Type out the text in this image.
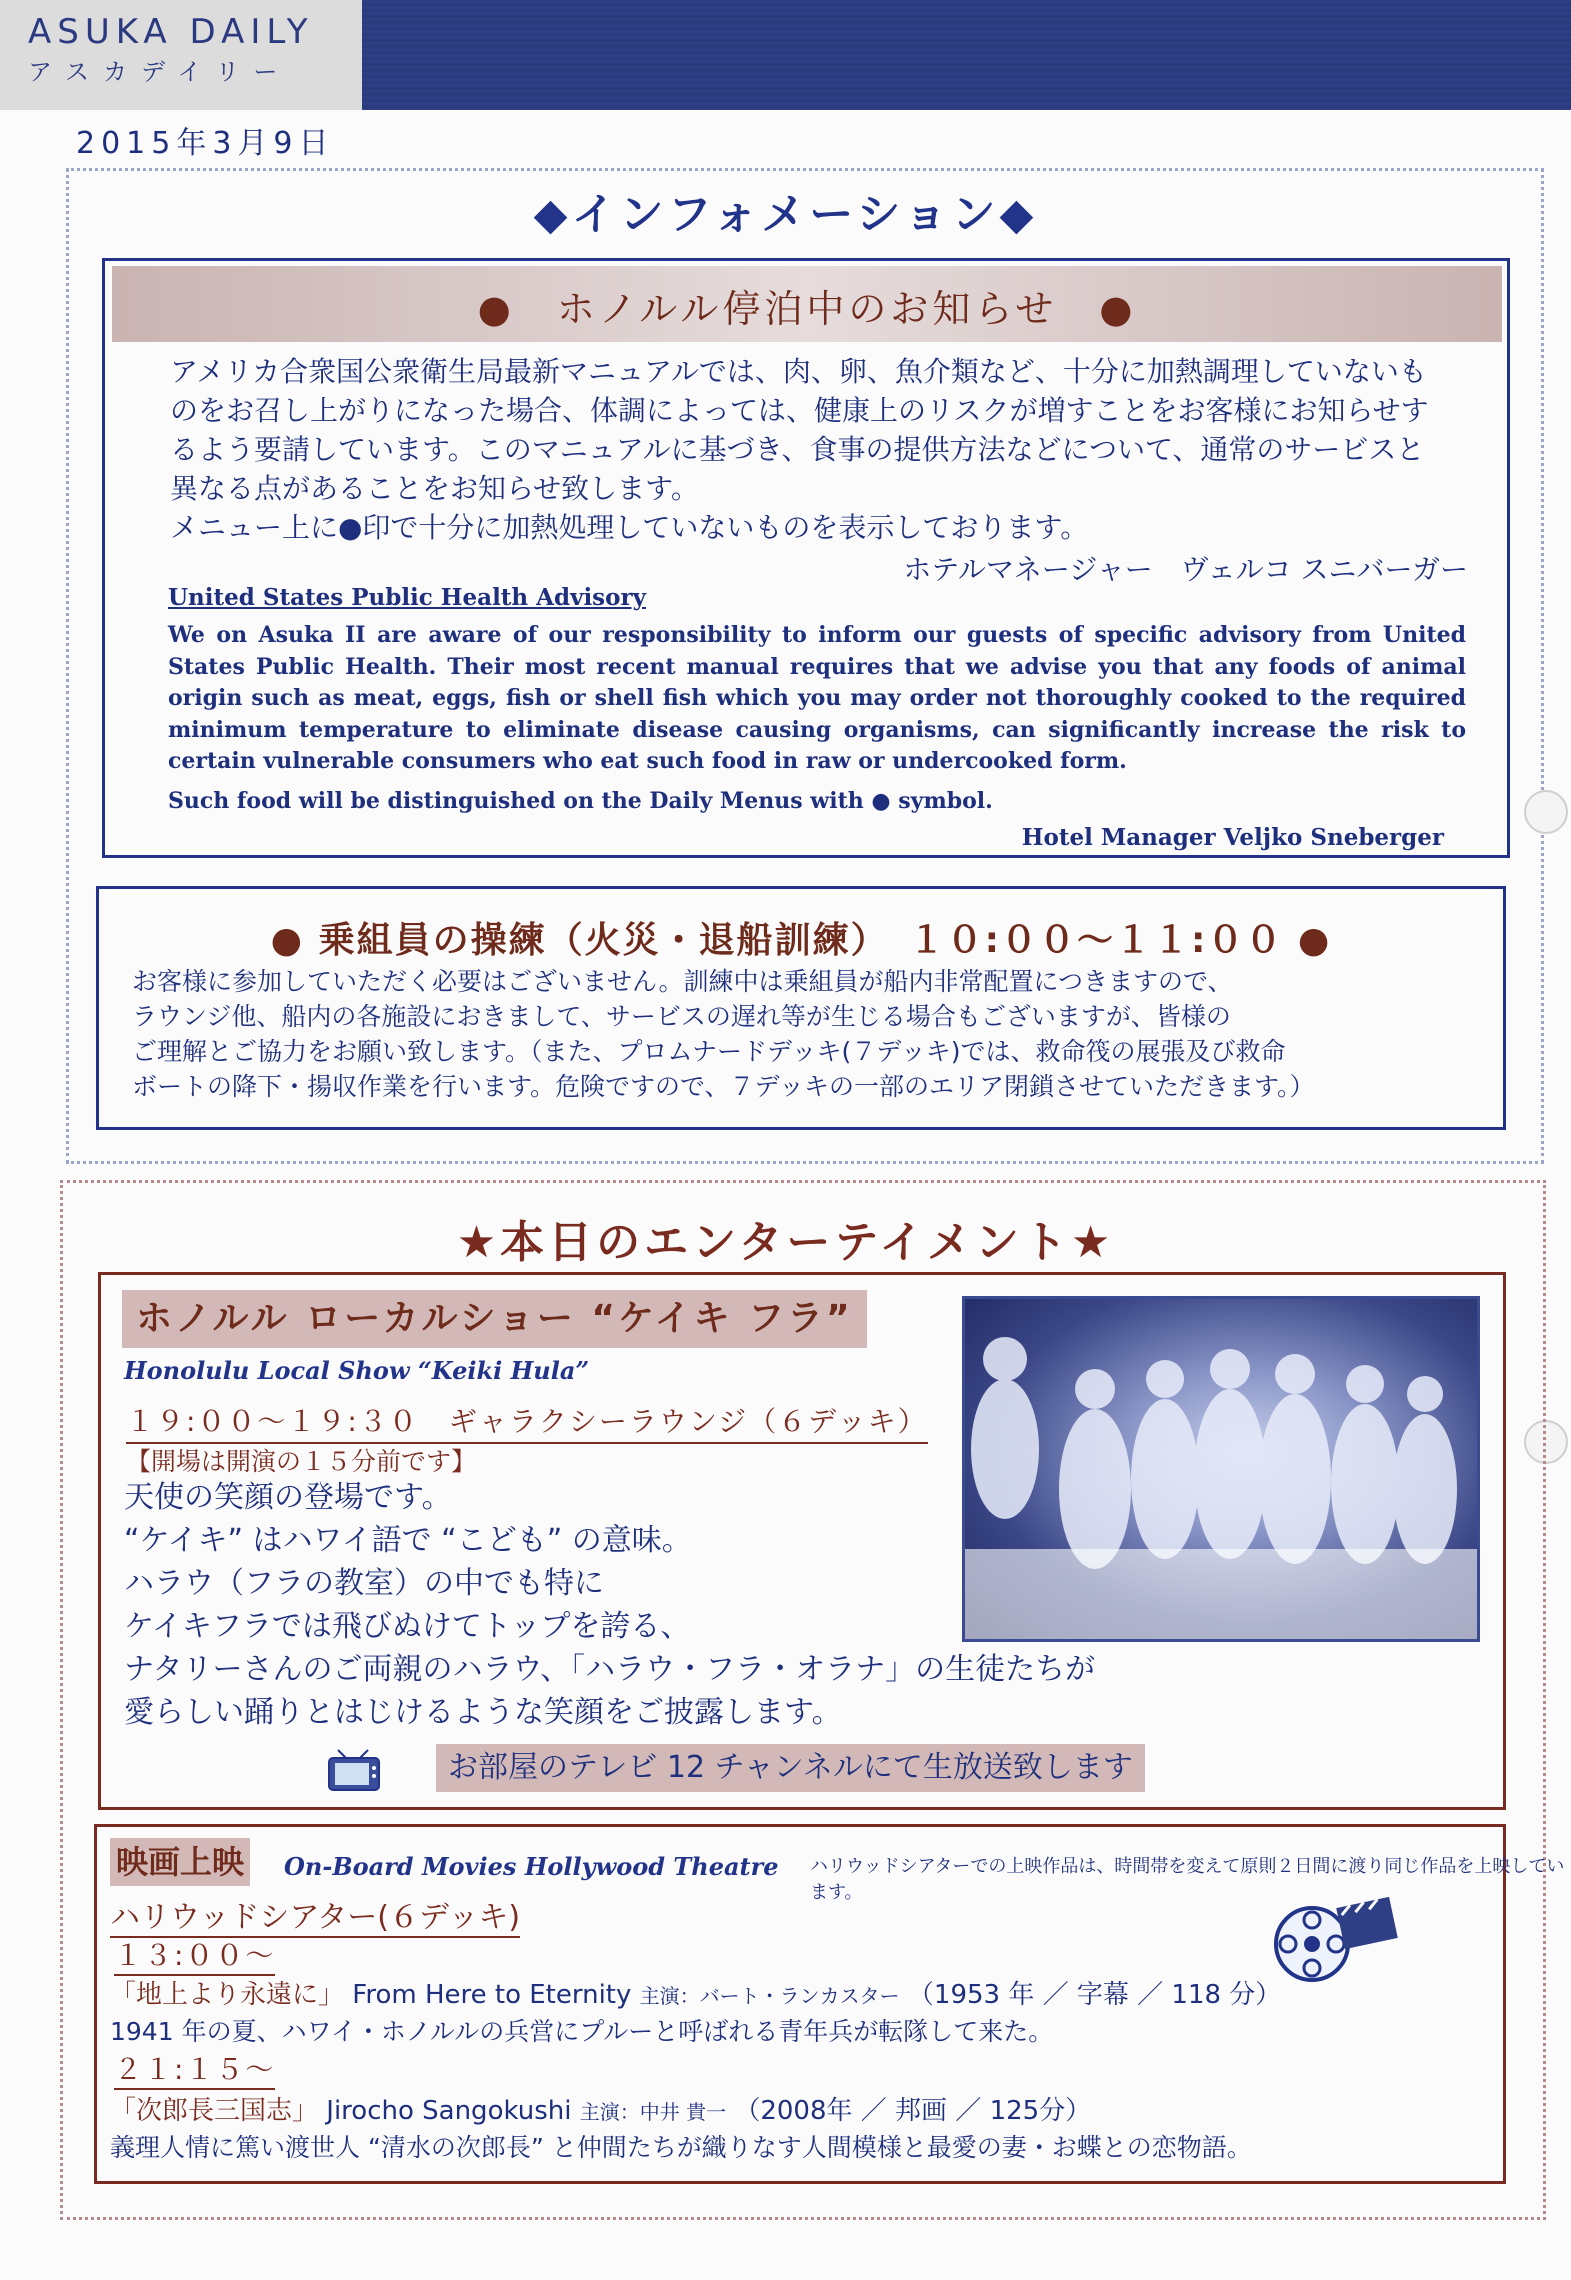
ASUKA DAILY
アスカデイリー
2015年3月9日
◆インフォメーション◆
●　ホノルル停泊中のお知らせ　●
アメリカ合衆国公衆衛生局最新マニュアルでは、肉、卵、魚介類など、十分に加熱調理していないも
のをお召し上がりになった場合、体調によっては、健康上のリスクが増すことをお客様にお知らせす
るよう要請しています。このマニュアルに基づき、食事の提供方法などについて、通常のサービスと
異なる点があることをお知らせ致します。
メニュー上に●印で十分に加熱処理していないものを表示しております。
ホテルマネージャー　ヴェルコ スニバーガー
United States Public Health Advisory
We on Asuka II are aware of our responsibility to inform our guests of specific advisory from United States Public Health. Their most recent manual requires that we advise you that any foods of animal origin such as meat, eggs, fish or shell fish which you may order not thoroughly cooked to the required minimum temperature to eliminate disease causing organisms, can significantly increase the risk to certain vulnerable consumers who eat such food in raw or undercooked form.
Such food will be distinguished on the Daily Menus with ● symbol.
Hotel Manager Veljko Sneberger
● 乗組員の操練（火災・退船訓練）　１０:００～１１:００ ●
お客様に参加していただく必要はございません。訓練中は乗組員が船内非常配置につきますので、
ラウンジ他、船内の各施設におきまして、サービスの遅れ等が生じる場合もございますが、皆様の
ご理解とご協力をお願い致します。（また、プロムナードデッキ(７デッキ)では、救命筏の展張及び救命
ボートの降下・揚収作業を行います。危険ですので、７デッキの一部のエリア閉鎖させていただきます。）
★本日のエンターテイメント★
ホノルル ローカルショー “ケイキ フラ”
Honolulu Local Show “Keiki Hula”
１９:００～１９:３０　ギャラクシーラウンジ（６デッキ）
【開場は開演の１５分前です】
天使の笑顔の登場です。
“ケイキ” はハワイ語で “こども” の意味。
ハラウ（フラの教室）の中でも特に
ケイキフラでは飛びぬけてトップを誇る、
ナタリーさんのご両親のハラウ、「ハラウ・フラ・オラナ」の生徒たちが
愛らしい踊りとはじけるような笑顔をご披露します。
お部屋のテレビ 12 チャンネルにて生放送致します
映画上映 On-Board Movies Hollywood Theatre ハリウッドシアターでの上映作品は、時間帯を変えて原則２日間に渡り同じ作品を上映しています。
ハリウッドシアター(６デッキ)
１３:００～
「地上より永遠に」 From Here to Eternity 主演：バート・ランカスター （1953 年 ／ 字幕 ／ 118 分）
1941 年の夏、ハワイ・ホノルルの兵営にプルーと呼ばれる青年兵が転隊して来た。
２１:１５～
「次郎長三国志」 Jirocho Sangokushi 主演：中井 貴一 （2008年 ／ 邦画 ／ 125分）
義理人情に篤い渡世人 “清水の次郎長” と仲間たちが織りなす人間模様と最愛の妻・お蝶との恋物語。
